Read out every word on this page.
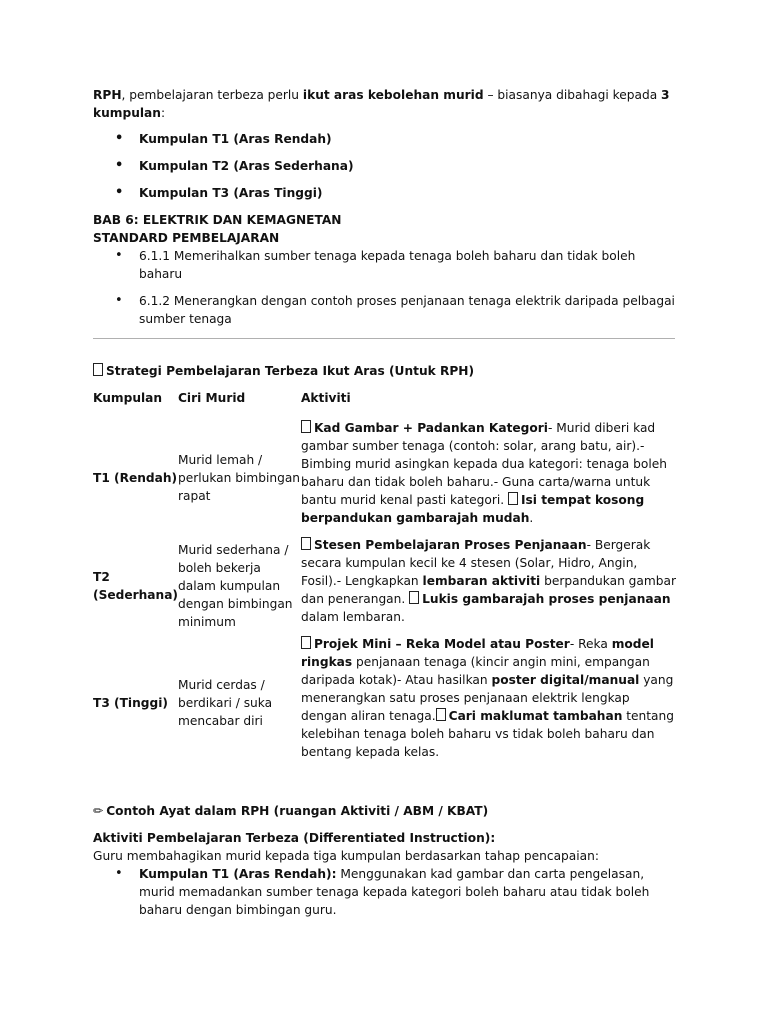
RPH, pembelajaran terbeza perlu ikut aras kebolehan murid – biasanya dibahagi kepada 3 kumpulan:

• Kumpulan T1 (Aras Rendah)
• Kumpulan T2 (Aras Sederhana)
• Kumpulan T3 (Aras Tinggi)

BAB 6: ELEKTRIK DAN KEMAGNETAN

STANDARD PEMBELAJARAN

• 6.1.1 Memerihalkan sumber tenaga kepada tenaga boleh baharu dan tidak boleh baharu
• 6.1.2 Menerangkan dengan contoh proses penjanaan tenaga elektrik daripada pelbagai sumber tenaga

Strategi Pembelajaran Terbeza Ikut Aras (Untuk RPH)

Kumpulan	Ciri Murid	Aktiviti
T1 (Rendah)	Murid lemah / perlukan bimbingan rapat	Kad Gambar + Padankan Kategori- Murid diberi kad gambar sumber tenaga (contoh: solar, arang batu, air).- Bimbing murid asingkan kepada dua kategori: tenaga boleh baharu dan tidak boleh baharu.- Guna carta/warna untuk bantu murid kenal pasti kategori. Isi tempat kosong berpandukan gambarajah mudah.
T2 (Sederhana)	Murid sederhana / boleh bekerja dalam kumpulan dengan bimbingan minimum	Stesen Pembelajaran Proses Penjanaan- Bergerak secara kumpulan kecil ke 4 stesen (Solar, Hidro, Angin, Fosil).- Lengkapkan lembaran aktiviti berpandukan gambar dan penerangan. Lukis gambarajah proses penjanaan dalam lembaran.
T3 (Tinggi)	Murid cerdas / berdikari / suka mencabar diri	Projek Mini – Reka Model atau Poster- Reka model ringkas penjanaan tenaga (kincir angin mini, empangan daripada kotak)- Atau hasilkan poster digital/manual yang menerangkan satu proses penjanaan elektrik lengkap dengan aliran tenaga. Cari maklumat tambahan tentang kelebihan tenaga boleh baharu vs tidak boleh baharu dan bentang kepada kelas.

✏ Contoh Ayat dalam RPH (ruangan Aktiviti / ABM / KBAT)

Aktiviti Pembelajaran Terbeza (Differentiated Instruction):

Guru membahagikan murid kepada tiga kumpulan berdasarkan tahap pencapaian:

• Kumpulan T1 (Aras Rendah): Menggunakan kad gambar dan carta pengelasan, murid memadankan sumber tenaga kepada kategori boleh baharu atau tidak boleh baharu dengan bimbingan guru.
